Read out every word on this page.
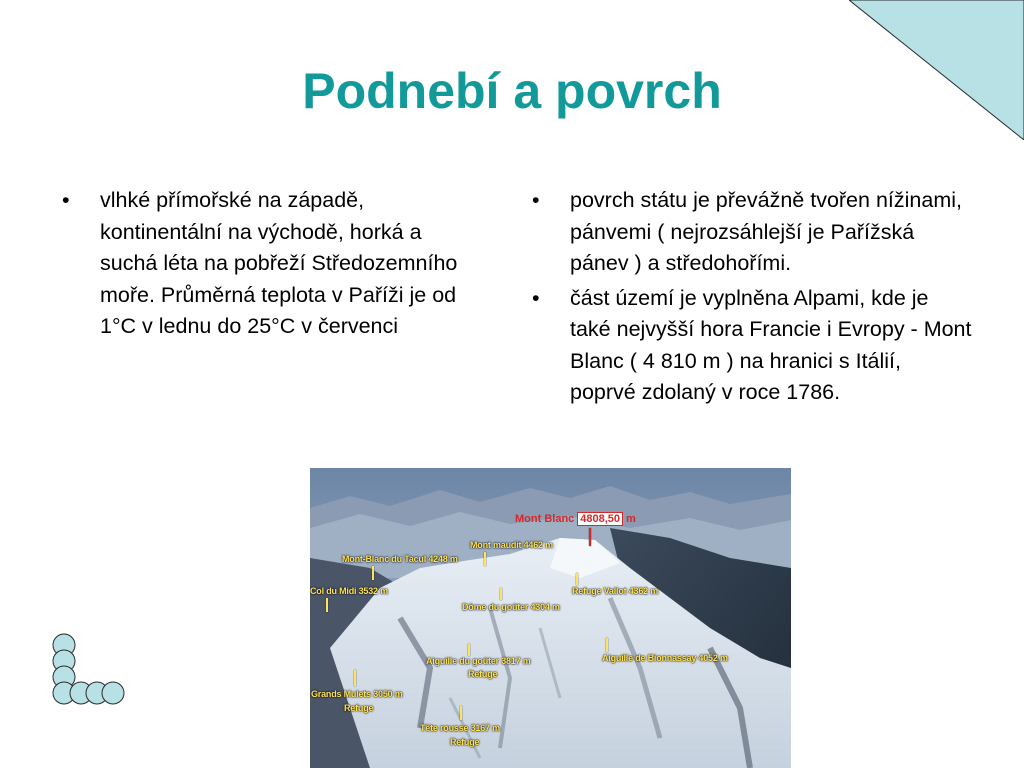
Podnebí a povrch
• vlhké přímořské na západě, kontinentální na východě, horká a suchá léta na pobřeží Středozemního moře. Průměrná teplota v Paříži je od 1°C v lednu do 25°C v červenci
• povrch státu je převážně tvořen nížinami, pánvemi ( nejrozsáhlejší je Pařížská pánev ) a středohořími.
• část území je vyplněna Alpami, kde je také nejvyšší hora Francie i Evropy - Mont Blanc ( 4 810 m ) na hranici s Itálií, poprvé zdolaný v roce 1786.
Mont Blanc 4808,50 m
Mont maudit 4462 m
Mont-Blanc du Tacul 4248 m
Col du Midi 3532 m	Refuge Vallot 4362 m
Dôme du goûter 4304 m
Aiguille du goûter 3817 m
Refuge
Aiguille de Bionnassay 4052 m
Grands Mulets 3050 m
Refuge
Tête rousse 3167 m
Refuge
